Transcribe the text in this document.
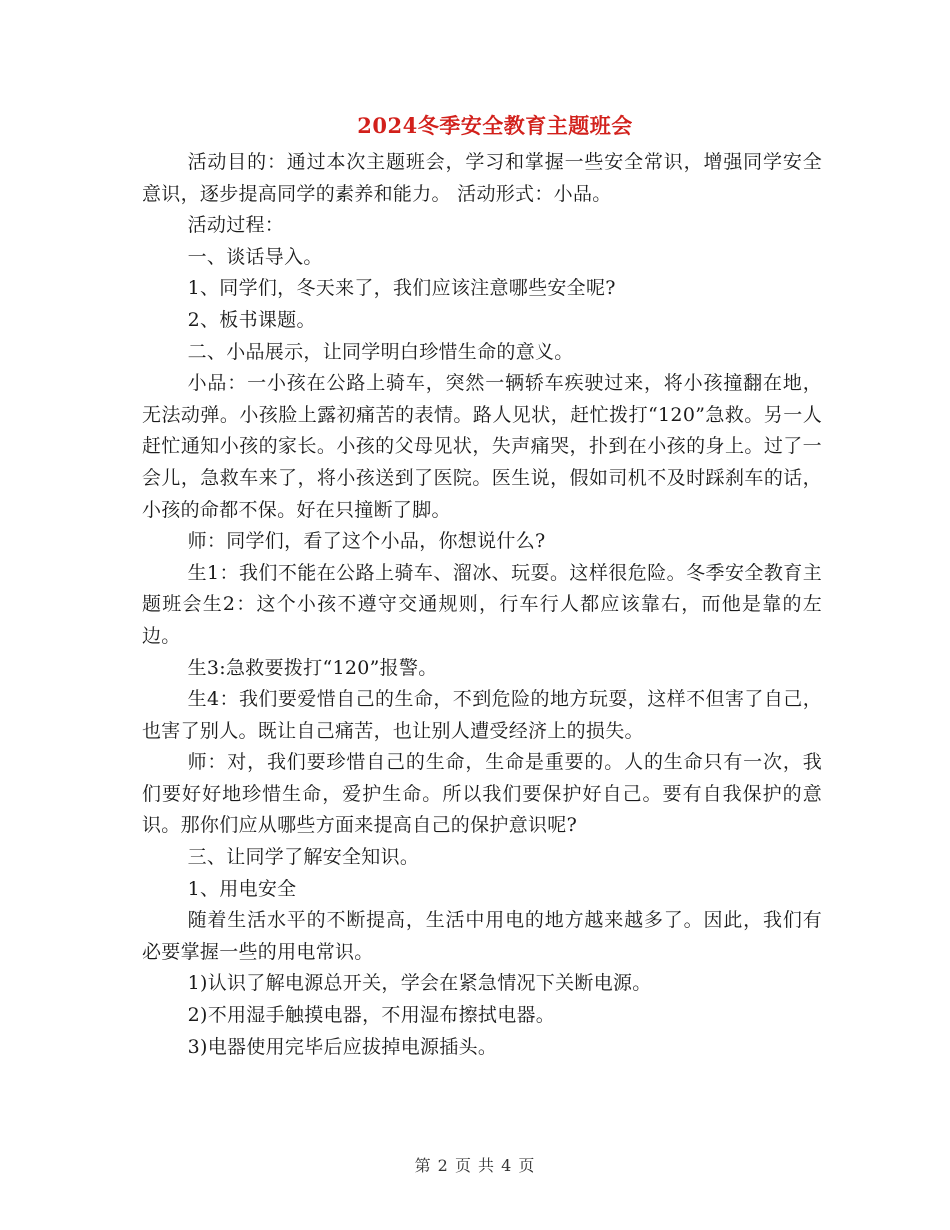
2024冬季安全教育主题班会

活动目的：通过本次主题班会，学习和掌握一些安全常识，增强同学安全意识，逐步提高同学的素养和能力。 活动形式：小品。

活动过程：

一、谈话导入。

1、同学们，冬天来了，我们应该注意哪些安全呢?

2、板书课题。

二、小品展示，让同学明白珍惜生命的意义。

小品：一小孩在公路上骑车，突然一辆轿车疾驶过来，将小孩撞翻在地，无法动弹。小孩脸上露初痛苦的表情。路人见状，赶忙拨打“120”急救。另一人赶忙通知小孩的家长。小孩的父母见状，失声痛哭，扑到在小孩的身上。过了一会儿，急救车来了，将小孩送到了医院。医生说，假如司机不及时踩刹车的话，小孩的命都不保。好在只撞断了脚。

师：同学们，看了这个小品，你想说什么?

生1：我们不能在公路上骑车、溜冰、玩耍。这样很危险。冬季安全教育主题班会生2：这个小孩不遵守交通规则，行车行人都应该靠右，而他是靠的左边。

生3:急救要拨打“120”报警。

生4：我们要爱惜自己的生命，不到危险的地方玩耍，这样不但害了自己，也害了别人。既让自己痛苦，也让别人遭受经济上的损失。

师：对，我们要珍惜自己的生命，生命是重要的。人的生命只有一次，我们要好好地珍惜生命，爱护生命。所以我们要保护好自己。要有自我保护的意识。那你们应从哪些方面来提高自己的保护意识呢?

三、让同学了解安全知识。

1、用电安全

随着生活水平的不断提高，生活中用电的地方越来越多了。因此，我们有必要掌握一些的用电常识。

1)认识了解电源总开关，学会在紧急情况下关断电源。

2)不用湿手触摸电器，不用湿布擦拭电器。

3)电器使用完毕后应拔掉电源插头。

第 2 页 共 4 页
